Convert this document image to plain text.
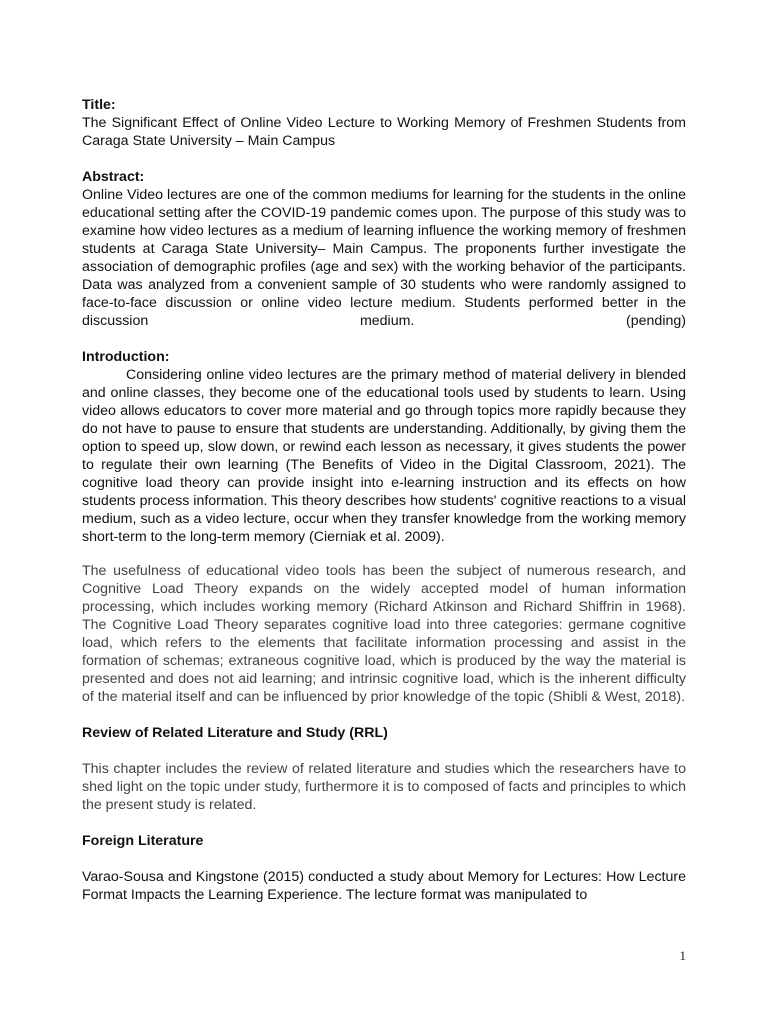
Title:

The Significant Effect of Online Video Lecture to Working Memory of Freshmen Students from Caraga State University – Main Campus

Abstract:

Online Video lectures are one of the common mediums for learning for the students in the online educational setting after the COVID-19 pandemic comes upon. The purpose of this study was to examine how video lectures as a medium of learning influence the working memory of freshmen students at Caraga State University– Main Campus. The proponents further investigate the association of demographic profiles (age and sex) with the working behavior of the participants. Data was analyzed from a convenient sample of 30 students who were randomly assigned to face-to-face discussion or online video lecture medium. Students performed better in the discussion medium. (pending)

Introduction:

Considering online video lectures are the primary method of material delivery in blended and online classes, they become one of the educational tools used by students to learn. Using video allows educators to cover more material and go through topics more rapidly because they do not have to pause to ensure that students are understanding. Additionally, by giving them the option to speed up, slow down, or rewind each lesson as necessary, it gives students the power to regulate their own learning (The Benefits of Video in the Digital Classroom, 2021). The cognitive load theory can provide insight into e-learning instruction and its effects on how students process information. This theory describes how students' cognitive reactions to a visual medium, such as a video lecture, occur when they transfer knowledge from the working memory short-term to the long-term memory (Cierniak et al. 2009).

The usefulness of educational video tools has been the subject of numerous research, and Cognitive Load Theory expands on the widely accepted model of human information processing, which includes working memory (Richard Atkinson and Richard Shiffrin in 1968). The Cognitive Load Theory separates cognitive load into three categories: germane cognitive load, which refers to the elements that facilitate information processing and assist in the formation of schemas; extraneous cognitive load, which is produced by the way the material is presented and does not aid learning; and intrinsic cognitive load, which is the inherent difficulty of the material itself and can be influenced by prior knowledge of the topic (Shibli & West, 2018).

Review of Related Literature and Study (RRL)

This chapter includes the review of related literature and studies which the researchers have to shed light on the topic under study, furthermore it is to composed of facts and principles to which the present study is related.

Foreign Literature

Varao-Sousa and Kingstone (2015) conducted a study about Memory for Lectures: How Lecture Format Impacts the Learning Experience. The lecture format was manipulated to

1
